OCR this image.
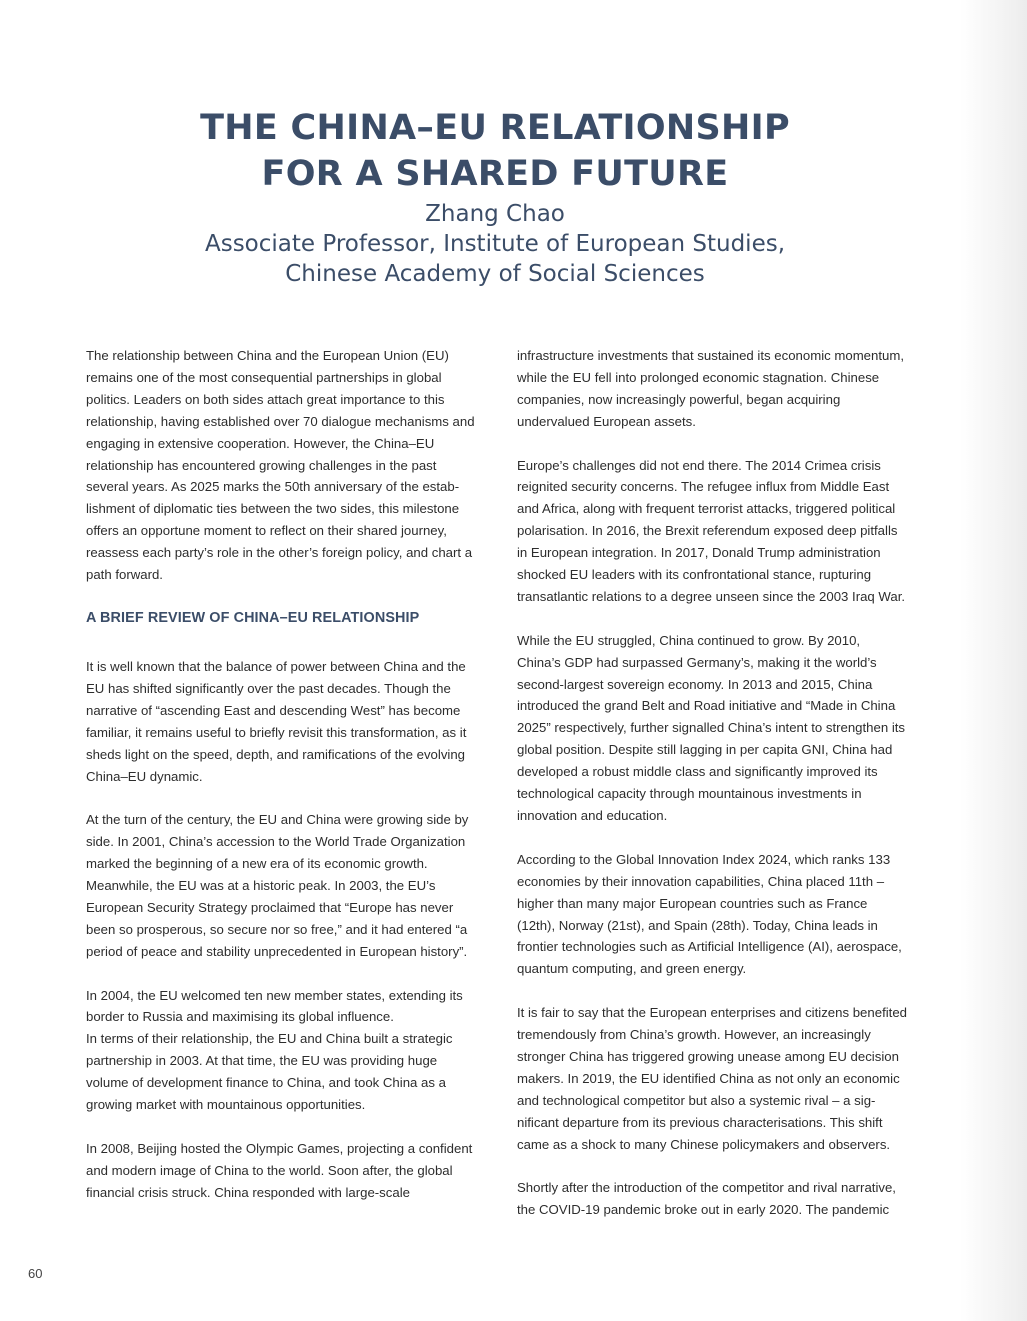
THE CHINA–EU RELATIONSHIP
FOR A SHARED FUTURE
Zhang Chao
Associate Professor, Institute of European Studies,
Chinese Academy of Social Sciences

The relationship between China and the European Union (EU) remains one of the most consequential partnerships in global politics. Leaders on both sides attach great importance to this relationship, having established over 70 dialogue mechanisms and engaging in extensive cooperation. However, the China–EU relationship has encountered growing challenges in the past several years. As 2025 marks the 50th anniversary of the establishment of diplomatic ties between the two sides, this milestone offers an opportune moment to reflect on their shared journey, reassess each party’s role in the other’s foreign policy, and chart a path forward.

A BRIEF REVIEW OF CHINA–EU RELATIONSHIP

It is well known that the balance of power between China and the EU has shifted significantly over the past decades. Though the narrative of “ascending East and descending West” has become familiar, it remains useful to briefly revisit this transformation, as it sheds light on the speed, depth, and ramifications of the evolving China–EU dynamic.

At the turn of the century, the EU and China were growing side by side. In 2001, China’s accession to the World Trade Organization marked the beginning of a new era of its economic growth. Meanwhile, the EU was at a historic peak. In 2003, the EU’s European Security Strategy proclaimed that “Europe has never been so prosperous, so secure nor so free,” and it had entered “a period of peace and stability unprecedented in European history”.

In 2004, the EU welcomed ten new member states, extending its border to Russia and maximising its global influence.

In terms of their relationship, the EU and China built a strategic partnership in 2003. At that time, the EU was providing huge volume of development finance to China, and took China as a growing market with mountainous opportunities.

In 2008, Beijing hosted the Olympic Games, projecting a confident and modern image of China to the world. Soon after, the global financial crisis struck. China responded with large-scale

infrastructure investments that sustained its economic momentum, while the EU fell into prolonged economic stagnation. Chinese companies, now increasingly powerful, began acquiring undervalued European assets.

Europe’s challenges did not end there. The 2014 Crimea crisis reignited security concerns. The refugee influx from Middle East and Africa, along with frequent terrorist attacks, triggered political polarisation. In 2016, the Brexit referendum exposed deep pitfalls in European integration. In 2017, Donald Trump administration shocked EU leaders with its confrontational stance, rupturing transatlantic relations to a degree unseen since the 2003 Iraq War.

While the EU struggled, China continued to grow. By 2010, China’s GDP had surpassed Germany’s, making it the world’s second-largest sovereign economy. In 2013 and 2015, China introduced the grand Belt and Road initiative and “Made in China 2025” respectively, further signalled China’s intent to strengthen its global position. Despite still lagging in per capita GNI, China had developed a robust middle class and significantly improved its technological capacity through mountainous investments in innovation and education.

According to the Global Innovation Index 2024, which ranks 133 economies by their innovation capabilities, China placed 11th – higher than many major European countries such as France (12th), Norway (21st), and Spain (28th). Today, China leads in frontier technologies such as Artificial Intelligence (AI), aerospace, quantum computing, and green energy.

It is fair to say that the European enterprises and citizens benefited tremendously from China’s growth. However, an increasingly stronger China has triggered growing unease among EU decision makers. In 2019, the EU identified China as not only an economic and technological competitor but also a systemic rival – a significant departure from its previous characterisations. This shift came as a shock to many Chinese policymakers and observers.

Shortly after the introduction of the competitor and rival narrative, the COVID-19 pandemic broke out in early 2020. The pandemic

60
